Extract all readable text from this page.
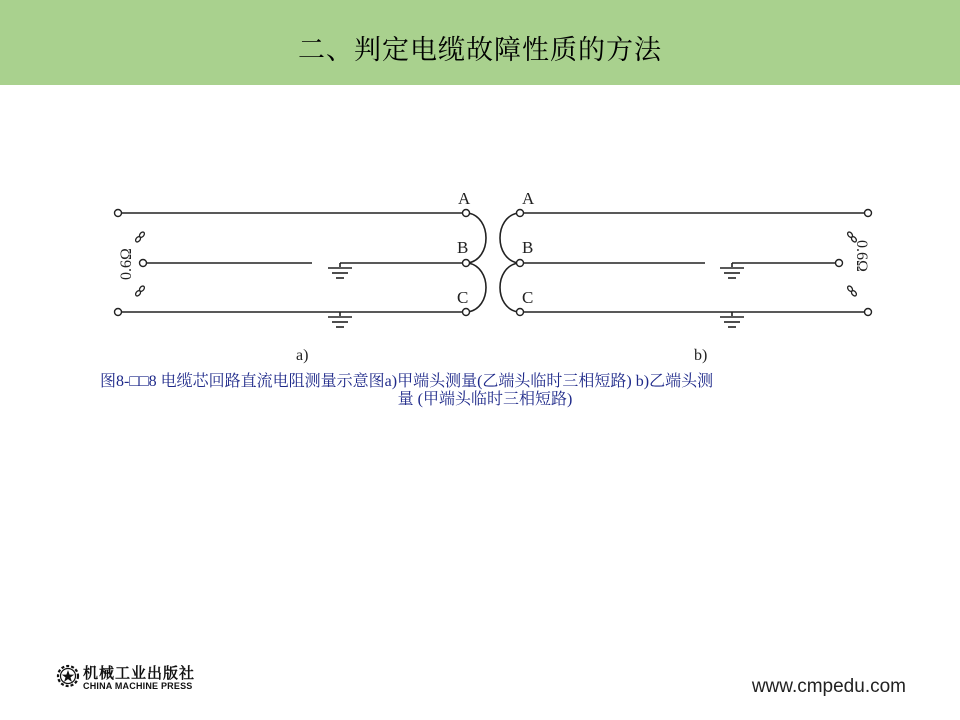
二、判定电缆故障性质的方法
A
B
C
A
B
C
0.6Ω	0.6Ω
a)	b)
图8-□□8 电缆芯回路直流电阻测量示意图a)甲端头测量(乙端头临时三相短路) b)乙端头测
量 (甲端头临时三相短路)
机械工业出版社
CHINA MACHINE PRESS	www.cmpedu.com
